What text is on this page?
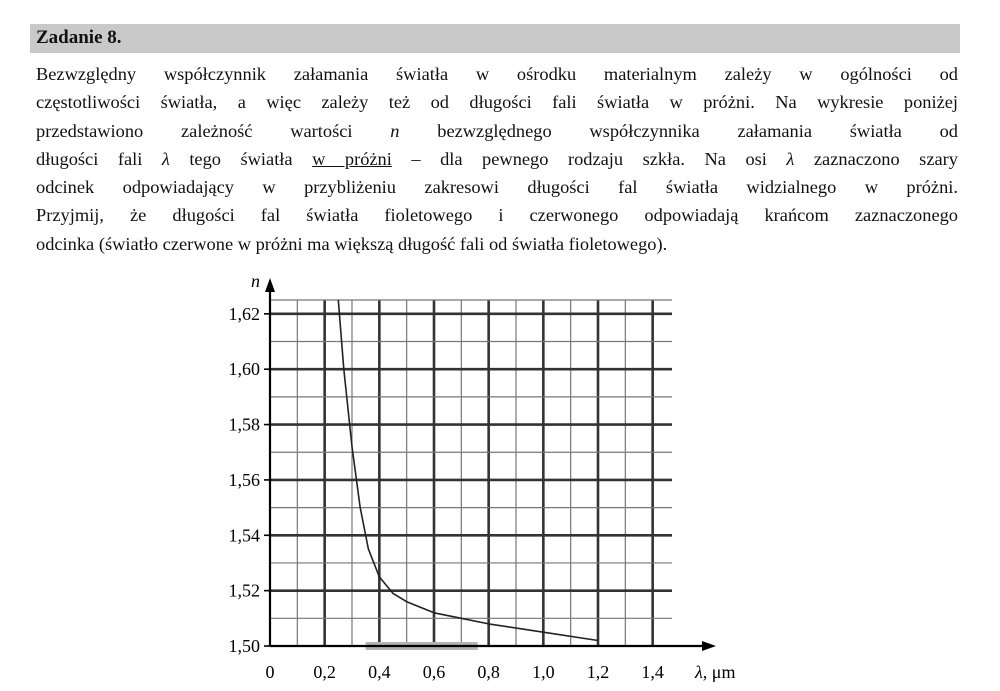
Zadanie 8.
Bezwzględny współczynnik załamania światła w ośrodku materialnym zależy w ogólności od
częstotliwości światła, a więc zależy też od długości fali światła w próżni. Na wykresie poniżej
przedstawiono zależność wartości n bezwzględnego współczynnika załamania światła od
długości fali λ tego światła w próżni – dla pewnego rodzaju szkła. Na osi λ zaznaczono szary
odcinek odpowiadający w przybliżeniu zakresowi długości fal światła widzialnego w próżni.
Przyjmij, że długości fal światła fioletowego i czerwonego odpowiadają krańcom zaznaczonego
odcinka (światło czerwone w próżni ma większą długość fali od światła fioletowego).
1,50
1,52
1,54
1,56
1,58
1,60
1,62
0 0,2 0,4 0,6 0,8 1,0 1,2 1,4
n
λ, μm
